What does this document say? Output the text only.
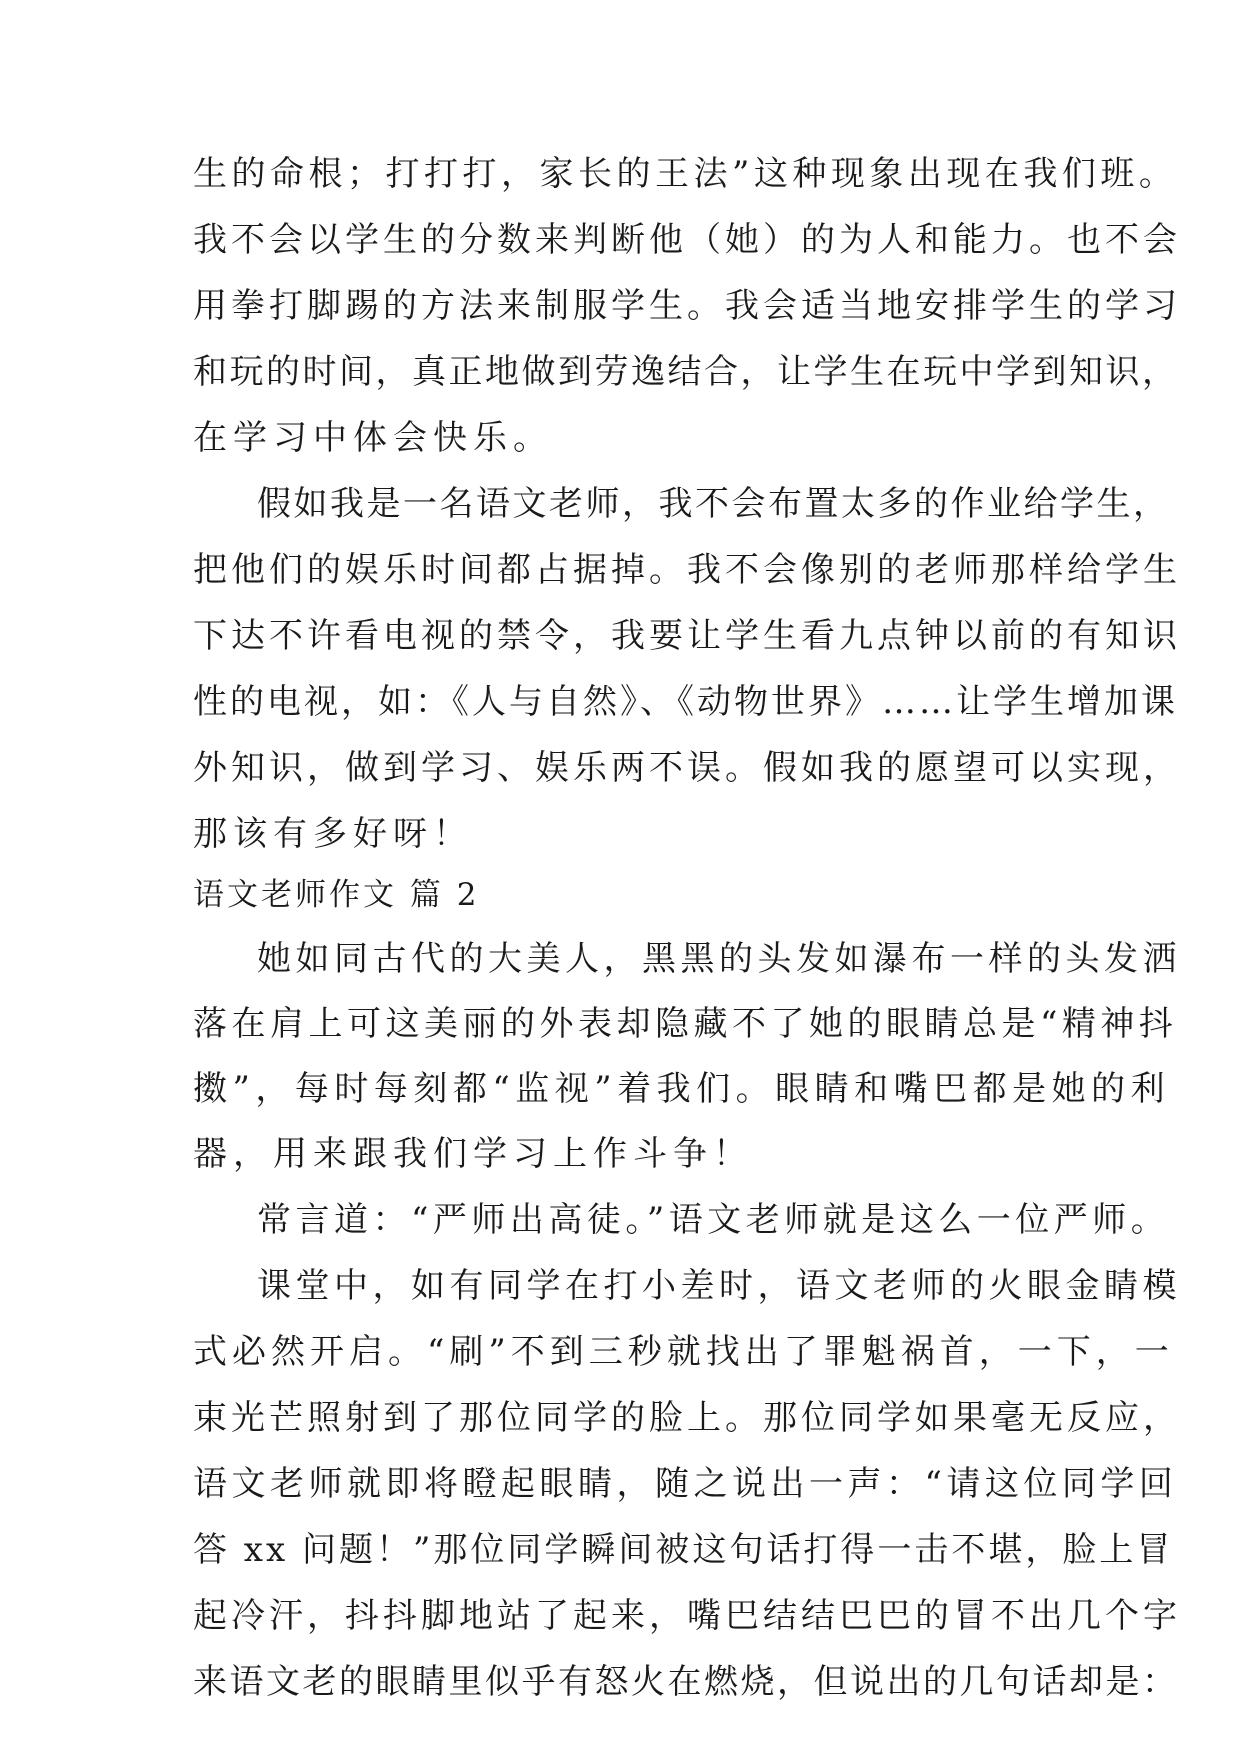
生的命根；打打打，家长的王法”这种现象出现在我们班。
我不会以学生的分数来判断他（她）的为人和能力。也不会
用拳打脚踢的方法来制服学生。我会适当地安排学生的学习
和玩的时间，真正地做到劳逸结合，让学生在玩中学到知识，
在学习中体会快乐。
假如我是一名语文老师，我不会布置太多的作业给学生，
把他们的娱乐时间都占据掉。我不会像别的老师那样给学生
下达不许看电视的禁令，我要让学生看九点钟以前的有知识
性的电视，如：《人与自然》、《动物世界》……让学生增加课
外知识，做到学习、娱乐两不误。假如我的愿望可以实现，
那该有多好呀！
语文老师作文 篇 2
她如同古代的大美人，黑黑的头发如瀑布一样的头发洒
落在肩上可这美丽的外表却隐藏不了她的眼睛总是“精神抖
擞”，每时每刻都“监视”着我们。眼睛和嘴巴都是她的利
器，用来跟我们学习上作斗争！
常言道：“严师出高徒。”语文老师就是这么一位严师。
课堂中，如有同学在打小差时，语文老师的火眼金睛模
式必然开启。“刷”不到三秒就找出了罪魁祸首，一下，一
束光芒照射到了那位同学的脸上。那位同学如果毫无反应，
语文老师就即将瞪起眼睛，随之说出一声：“请这位同学回
答 xx 问题！”那位同学瞬间被这句话打得一击不堪，脸上冒
起冷汗，抖抖脚地站了起来，嘴巴结结巴巴的冒不出几个字
来语文老的眼睛里似乎有怒火在燃烧，但说出的几句话却是：
